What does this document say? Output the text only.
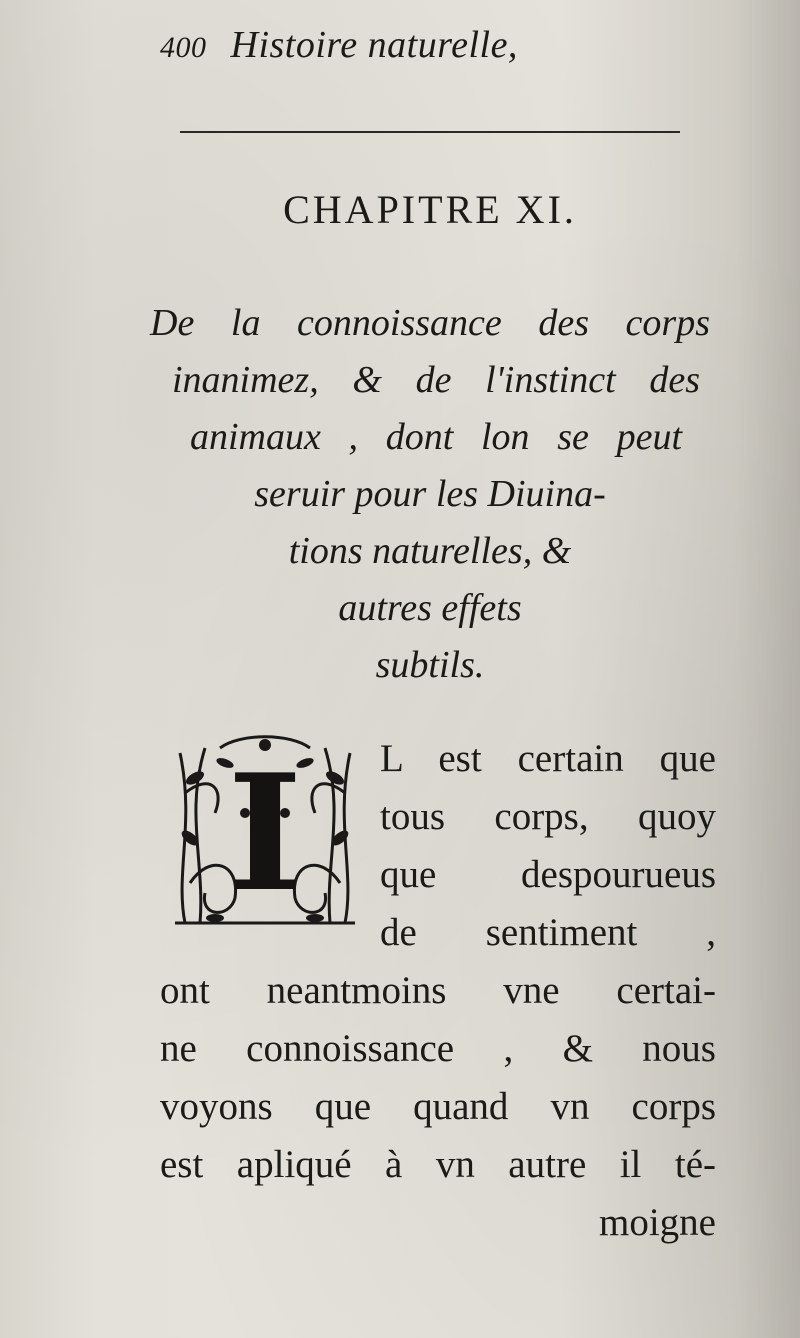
400 Histoire naturelle,
CHAPITRE XI.
De la connoissance des corps
inanimez, & de l'instinct des
animaux , dont lon se peut
seruir pour les Diuina-
tions naturelles, &
autres effets
subtils.
I	L est certain que
tous corps, quoy
que despourueus
de sentiment ,
ont neantmoins vne certai-
ne connoissance , & nous
voyons que quand vn corps
est apliqué à vn autre il té-
moigne
